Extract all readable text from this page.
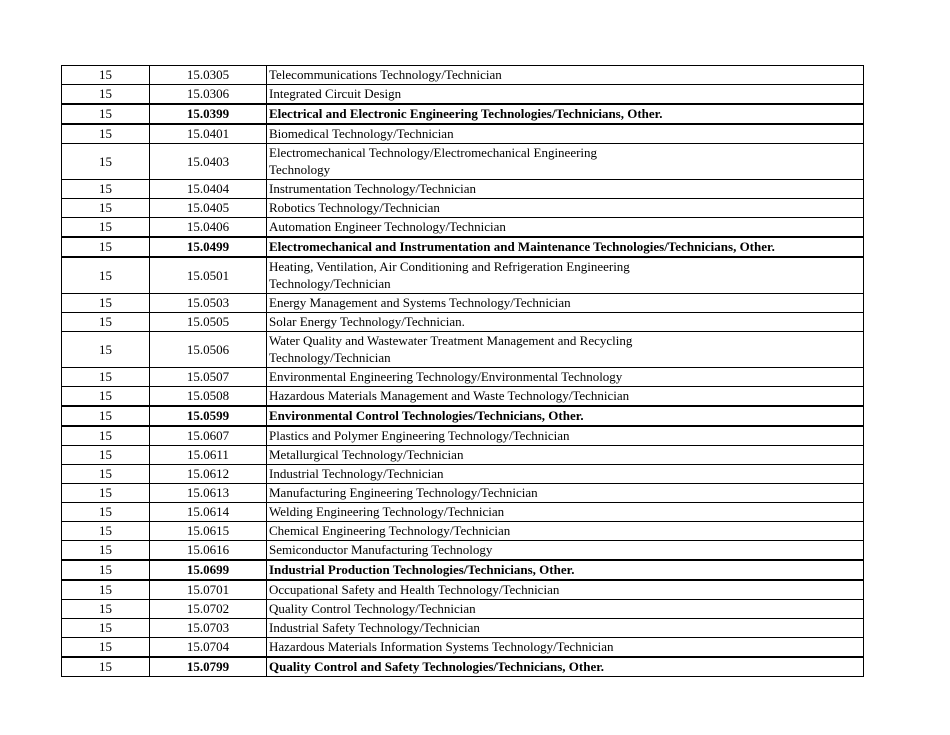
15	15.0305	Telecommunications Technology/Technician

15	15.0306	Integrated Circuit Design

15	15.0399	Electrical and Electronic Engineering Technologies/Technicians, Other.

15	15.0401	Biomedical Technology/Technician

15	15.0403	Electromechanical Technology/Electromechanical Engineering
Technology

15	15.0404	Instrumentation Technology/Technician

15	15.0405	Robotics Technology/Technician

15	15.0406	Automation Engineer Technology/Technician

15	15.0499	Electromechanical and Instrumentation and Maintenance Technologies/Technicians, Other.

15	15.0501	Heating, Ventilation, Air Conditioning and Refrigeration Engineering
Technology/Technician

15	15.0503	Energy Management and Systems Technology/Technician

15	15.0505	Solar Energy Technology/Technician.

15	15.0506	Water Quality and Wastewater Treatment Management and Recycling
Technology/Technician

15	15.0507	Environmental Engineering Technology/Environmental Technology

15	15.0508	Hazardous Materials Management and Waste Technology/Technician

15	15.0599	Environmental Control Technologies/Technicians, Other.

15	15.0607	Plastics and Polymer Engineering Technology/Technician

15	15.0611	Metallurgical Technology/Technician

15	15.0612	Industrial Technology/Technician

15	15.0613	Manufacturing Engineering Technology/Technician

15	15.0614	Welding Engineering Technology/Technician

15	15.0615	Chemical Engineering Technology/Technician

15	15.0616	Semiconductor Manufacturing Technology

15	15.0699	Industrial Production Technologies/Technicians, Other.

15	15.0701	Occupational Safety and Health Technology/Technician

15	15.0702	Quality Control Technology/Technician

15	15.0703	Industrial Safety Technology/Technician

15	15.0704	Hazardous Materials Information Systems Technology/Technician

15	15.0799	Quality Control and Safety Technologies/Technicians, Other.
